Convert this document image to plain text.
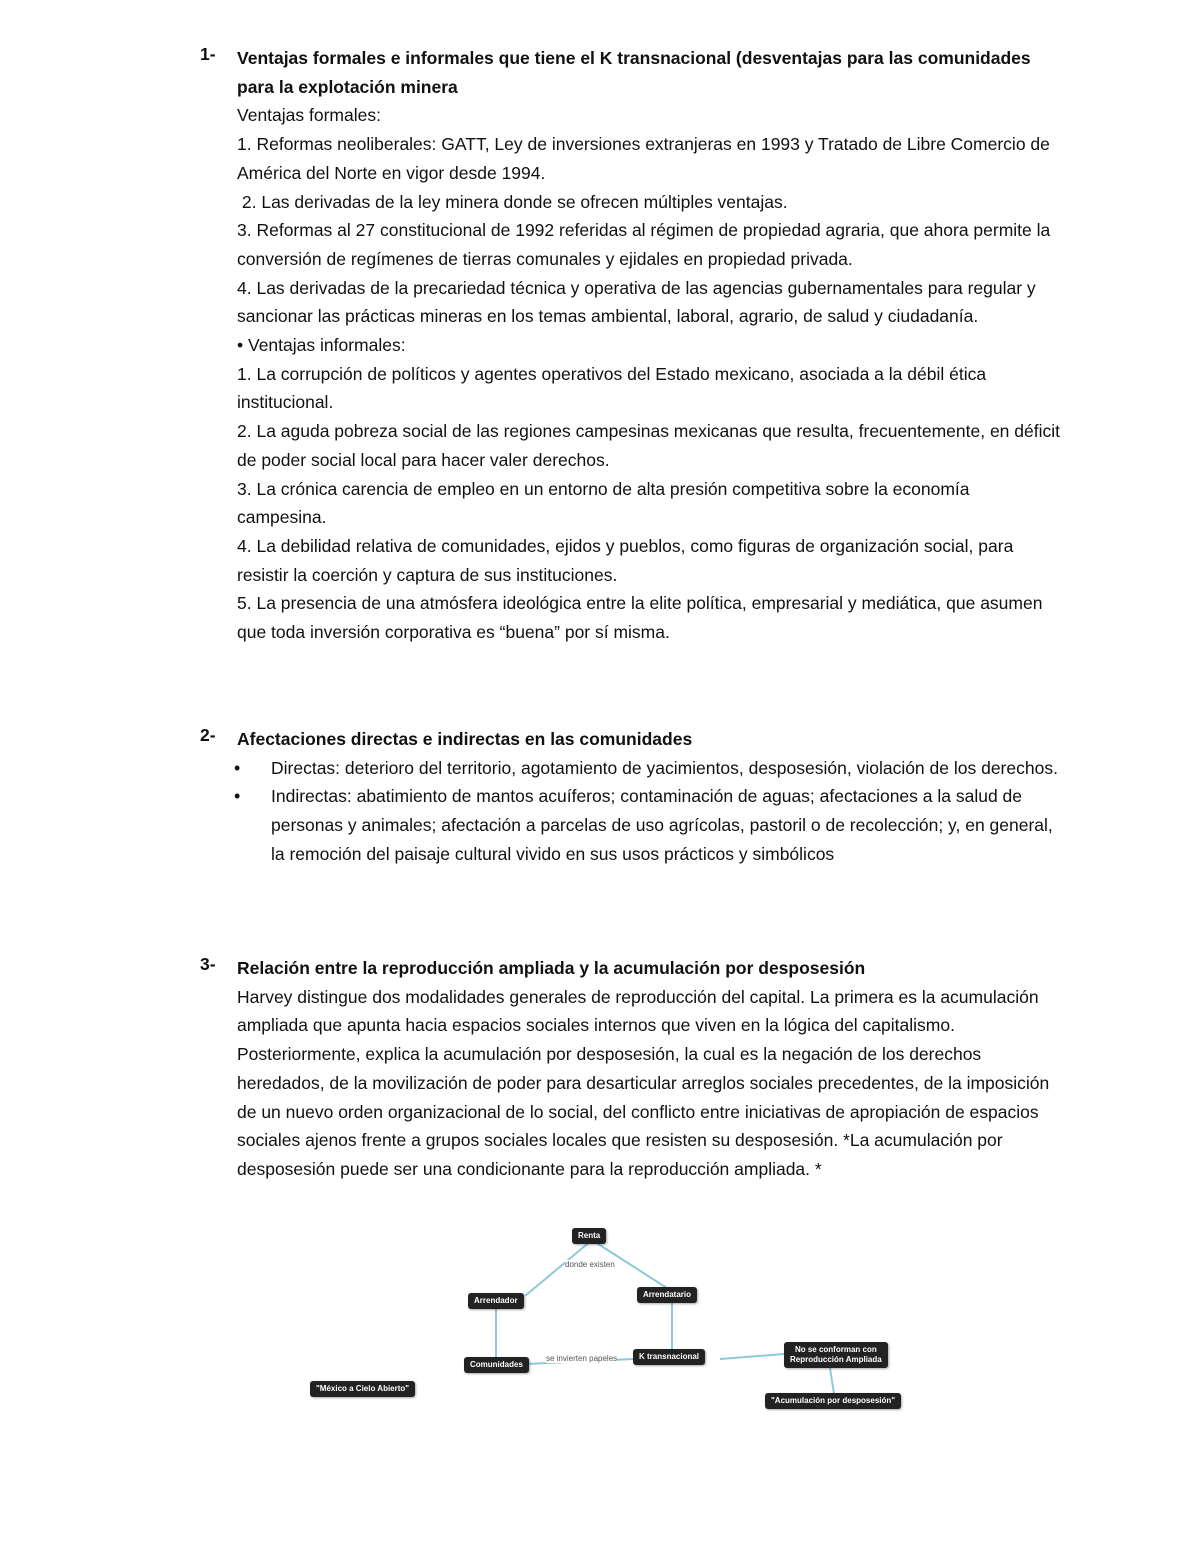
1-	Ventajas formales e informales que tiene el K transnacional (desventajas para las comunidades para la explotación minera

Ventajas formales:

1. Reformas neoliberales: GATT, Ley de inversiones extranjeras en 1993 y Tratado de Libre Comercio de América del Norte en vigor desde 1994.

2. Las derivadas de la ley minera donde se ofrecen múltiples ventajas.

3. Reformas al 27 constitucional de 1992 referidas al régimen de propiedad agraria, que ahora permite la conversión de regímenes de tierras comunales y ejidales en propiedad privada.

4. Las derivadas de la precariedad técnica y operativa de las agencias gubernamentales para regular y sancionar las prácticas mineras en los temas ambiental, laboral, agrario, de salud y ciudadanía.

• Ventajas informales:

1. La corrupción de políticos y agentes operativos del Estado mexicano, asociada a la débil ética institucional.

2. La aguda pobreza social de las regiones campesinas mexicanas que resulta, frecuentemente, en déficit de poder social local para hacer valer derechos.

3. La crónica carencia de empleo en un entorno de alta presión competitiva sobre la economía campesina.

4. La debilidad relativa de comunidades, ejidos y pueblos, como figuras de organización social, para resistir la coerción y captura de sus instituciones.

5. La presencia de una atmósfera ideológica entre la elite política, empresarial y mediática, que asumen que toda inversión corporativa es “buena” por sí misma.

2-	Afectaciones directas e indirectas en las comunidades

• Directas: deterioro del territorio, agotamiento de yacimientos, desposesión, violación de los derechos.
• Indirectas: abatimiento de mantos acuíferos; contaminación de aguas; afectaciones a la salud de personas y animales; afectación a parcelas de uso agrícolas, pastoril o de recolección; y, en general, la remoción del paisaje cultural vivido en sus usos prácticos y simbólicos
3-	Relación entre la reproducción ampliada y la acumulación por desposesión

Harvey distingue dos modalidades generales de reproducción del capital. La primera es la acumulación ampliada que apunta hacia espacios sociales internos que viven en la lógica del capitalismo. Posteriormente, explica la acumulación por desposesión, la cual es la negación de los derechos heredados, de la movilización de poder para desarticular arreglos sociales precedentes, de la imposición de un nuevo orden organizacional de lo social, del conflicto entre iniciativas de apropiación de espacios sociales ajenos frente a grupos sociales locales que resisten su desposesión. *La acumulación por desposesión puede ser una condicionante para la reproducción ampliada. *

Renta
donde existen
Arrendador
Arrendatario
Comunidades
se invierten papeles	K transnacional
No se conforman con
Reproducción Ampliada
"Acumulación por desposesión"
"México a Cielo Abierto"
